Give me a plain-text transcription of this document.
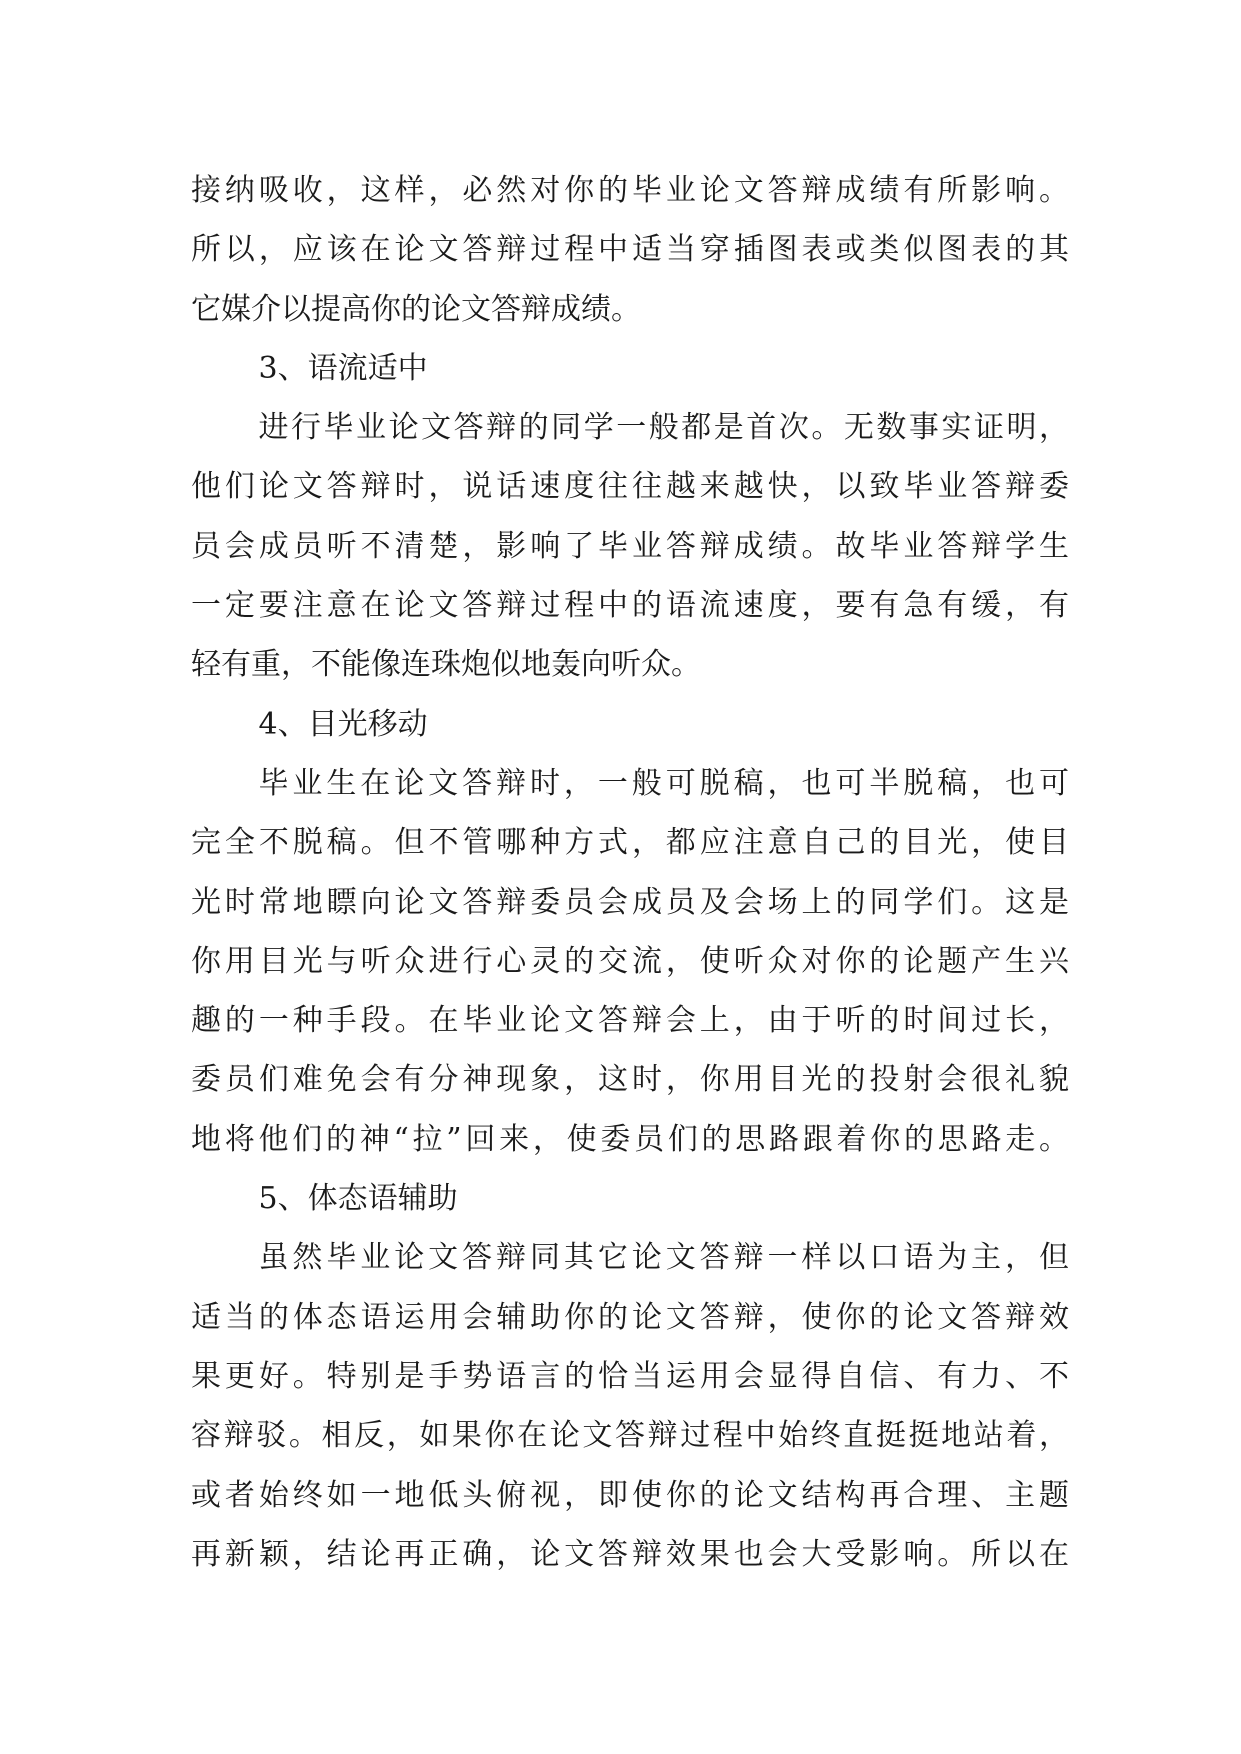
接纳吸收，这样，必然对你的毕业论文答辩成绩有所影响。
所以，应该在论文答辩过程中适当穿插图表或类似图表的其
它媒介以提高你的论文答辩成绩。
3、语流适中
进行毕业论文答辩的同学一般都是首次。无数事实证明，
他们论文答辩时，说话速度往往越来越快，以致毕业答辩委
员会成员听不清楚，影响了毕业答辩成绩。故毕业答辩学生
一定要注意在论文答辩过程中的语流速度，要有急有缓，有
轻有重，不能像连珠炮似地轰向听众。
4、目光移动
毕业生在论文答辩时，一般可脱稿，也可半脱稿，也可
完全不脱稿。但不管哪种方式，都应注意自己的目光，使目
光时常地瞟向论文答辩委员会成员及会场上的同学们。这是
你用目光与听众进行心灵的交流，使听众对你的论题产生兴
趣的一种手段。在毕业论文答辩会上，由于听的时间过长，
委员们难免会有分神现象，这时，你用目光的投射会很礼貌
地将他们的神“拉”回来，使委员们的思路跟着你的思路走。
5、体态语辅助
虽然毕业论文答辩同其它论文答辩一样以口语为主，但
适当的体态语运用会辅助你的论文答辩，使你的论文答辩效
果更好。特别是手势语言的恰当运用会显得自信、有力、不
容辩驳。相反，如果你在论文答辩过程中始终直挺挺地站着，
或者始终如一地低头俯视，即使你的论文结构再合理、主题
再新颖，结论再正确，论文答辩效果也会大受影响。所以在
